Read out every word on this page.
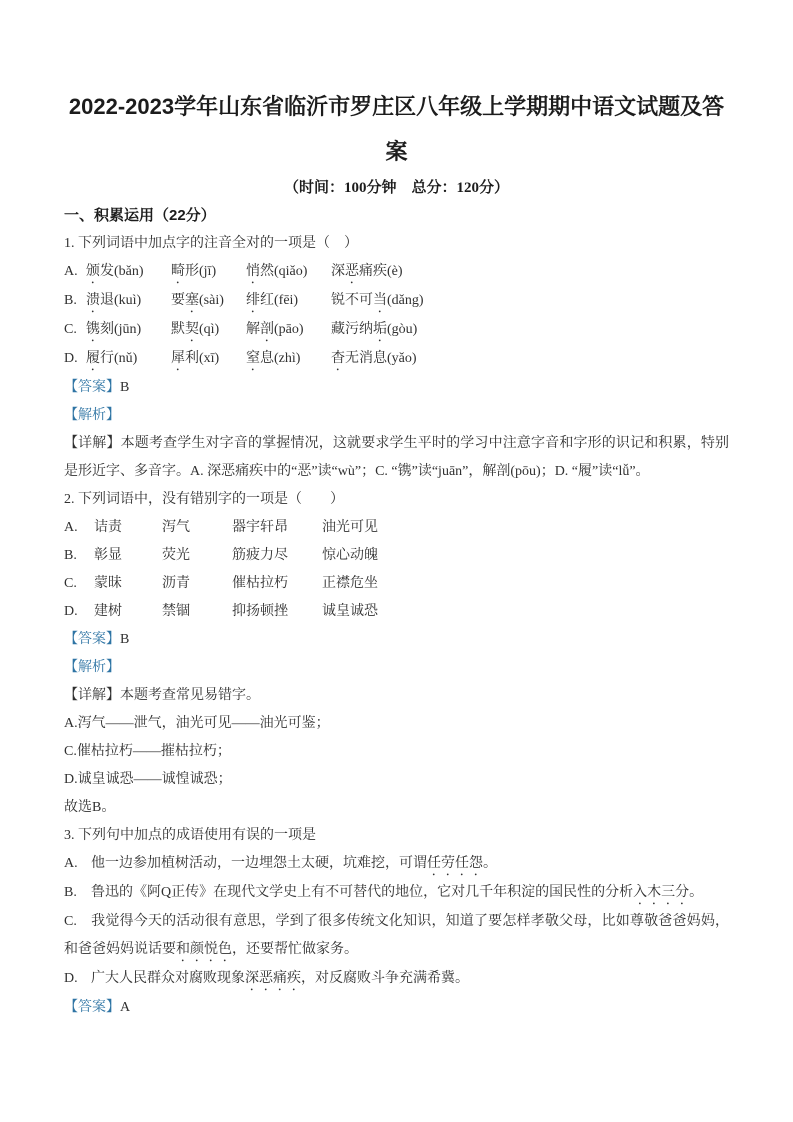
2022-2023学年山东省临沂市罗庄区八年级上学期期中语文试题及答案

（时间：100分钟　总分：120分）

一、积累运用（22分）

1. 下列词语中加点字的注音全对的一项是（　）

A. 颁发(bǎn)	畸形(jī)	悄然(qiǎo)	深恶痛疾(è)
B. 溃退(kuì)	要塞(sài)	绯红(fēi)	锐不可当(dǎng)
C. 镌刻(jūn)	默契(qì)	解剖(pāo)	藏污纳垢(gòu)
D. 履行(nǔ)	犀利(xī)	窒息(zhì)	杳无消息(yǎo)

【答案】B

【解析】

【详解】本题考查学生对字音的掌握情况，这就要求学生平时的学习中注意字音和字形的识记和积累，特别是形近字、多音字。A. 深恶痛疾中的“恶”读“wù”；C. “镌”读“juān”，解剖(pōu)；D. “履”读“lǚ”。

2. 下列词语中，没有错别字的一项是（　　）

A.	诘责	泻气	器宇轩昂	油光可见
B.	彰显	荧光	筋疲力尽	惊心动魄
C.	蒙昧	沥青	催枯拉朽	正襟危坐
D.	建树	禁锢	抑扬顿挫	诚皇诚恐

【答案】B

【解析】

【详解】本题考查常见易错字。

A.泻气——泄气，油光可见——油光可鉴；

C.催枯拉朽——摧枯拉朽；

D.诚皇诚恐——诚惶诚恐；

故选B。

3. 下列句中加点的成语使用有误的一项是

A. 他一边参加植树活动，一边埋怨土太硬，坑难挖，可谓任劳任怨。

B. 鲁迅的《阿Q正传》在现代文学史上有不可替代的地位，它对几千年积淀的国民性的分析入木三分。

C. 我觉得今天的活动很有意思，学到了很多传统文化知识，知道了要怎样孝敬父母，比如尊敬爸爸妈妈，和爸爸妈妈说话要和颜悦色，还要帮忙做家务。

D. 广大人民群众对腐败现象深恶痛疾，对反腐败斗争充满希冀。

【答案】A
